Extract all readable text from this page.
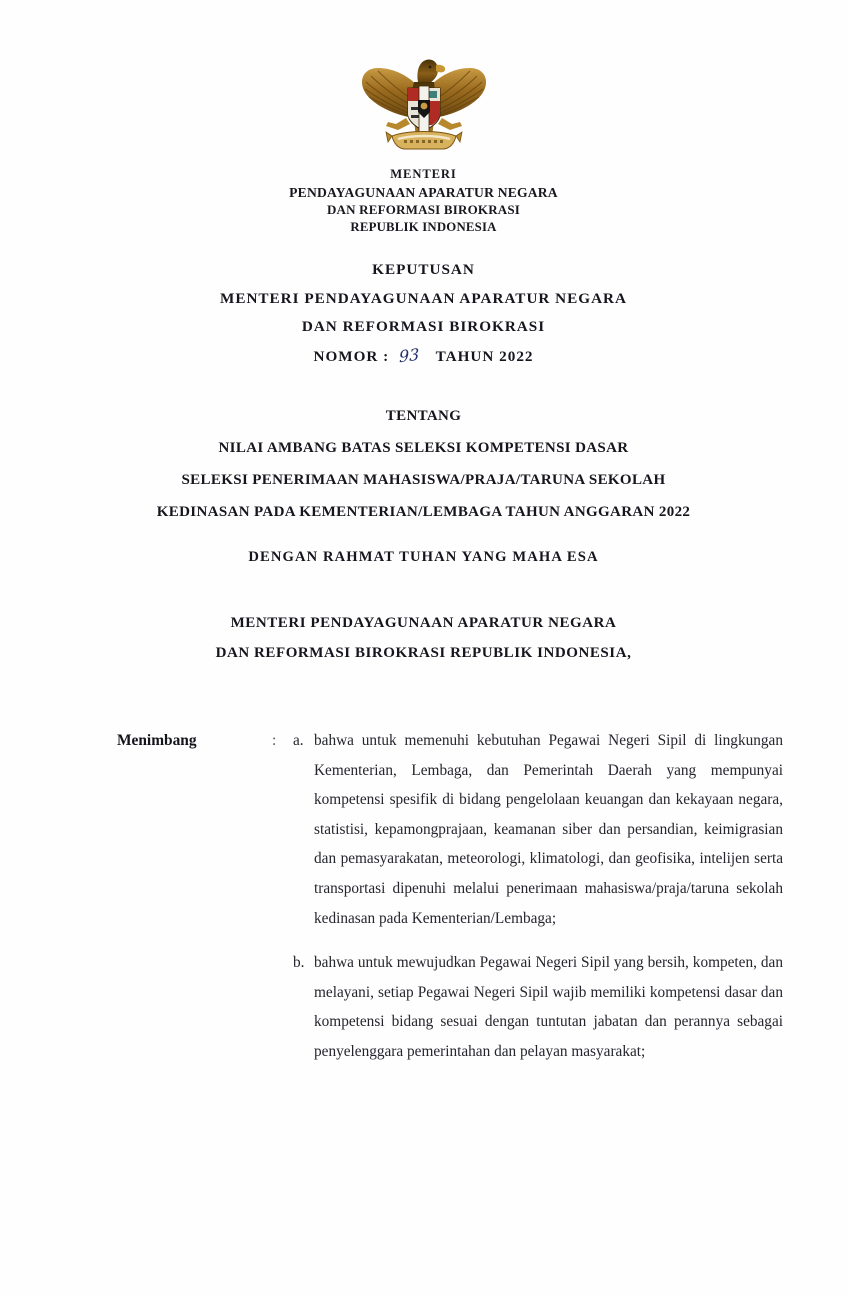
MENTERI
PENDAYAGUNAAN APARATUR NEGARA
DAN REFORMASI BIROKRASI
REPUBLIK INDONESIA
KEPUTUSAN
MENTERI PENDAYAGUNAAN APARATUR NEGARA
DAN REFORMASI BIROKRASI
NOMOR : 93 TAHUN 2022
TENTANG
NILAI AMBANG BATAS SELEKSI KOMPETENSI DASAR
SELEKSI PENERIMAAN MAHASISWA/PRAJA/TARUNA SEKOLAH
KEDINASAN PADA KEMENTERIAN/LEMBAGA TAHUN ANGGARAN 2022
DENGAN RAHMAT TUHAN YANG MAHA ESA
MENTERI PENDAYAGUNAAN APARATUR NEGARA
DAN REFORMASI BIROKRASI REPUBLIK INDONESIA,
Menimbang	:	a. bahwa untuk memenuhi kebutuhan Pegawai Negeri Sipil di lingkungan Kementerian, Lembaga, dan Pemerintah Daerah yang mempunyai kompetensi spesifik di bidang pengelolaan keuangan dan kekayaan negara, statistisi, kepamongprajaan, keamanan siber dan persandian, keimigrasian dan pemasyarakatan, meteorologi, klimatologi, dan geofisika, intelijen serta transportasi dipenuhi melalui penerimaan mahasiswa/praja/taruna sekolah kedinasan pada Kementerian/Lembaga;
b. bahwa untuk mewujudkan Pegawai Negeri Sipil yang bersih, kompeten, dan melayani, setiap Pegawai Negeri Sipil wajib memiliki kompetensi dasar dan kompetensi bidang sesuai dengan tuntutan jabatan dan perannya sebagai penyelenggara pemerintahan dan pelayan masyarakat;
